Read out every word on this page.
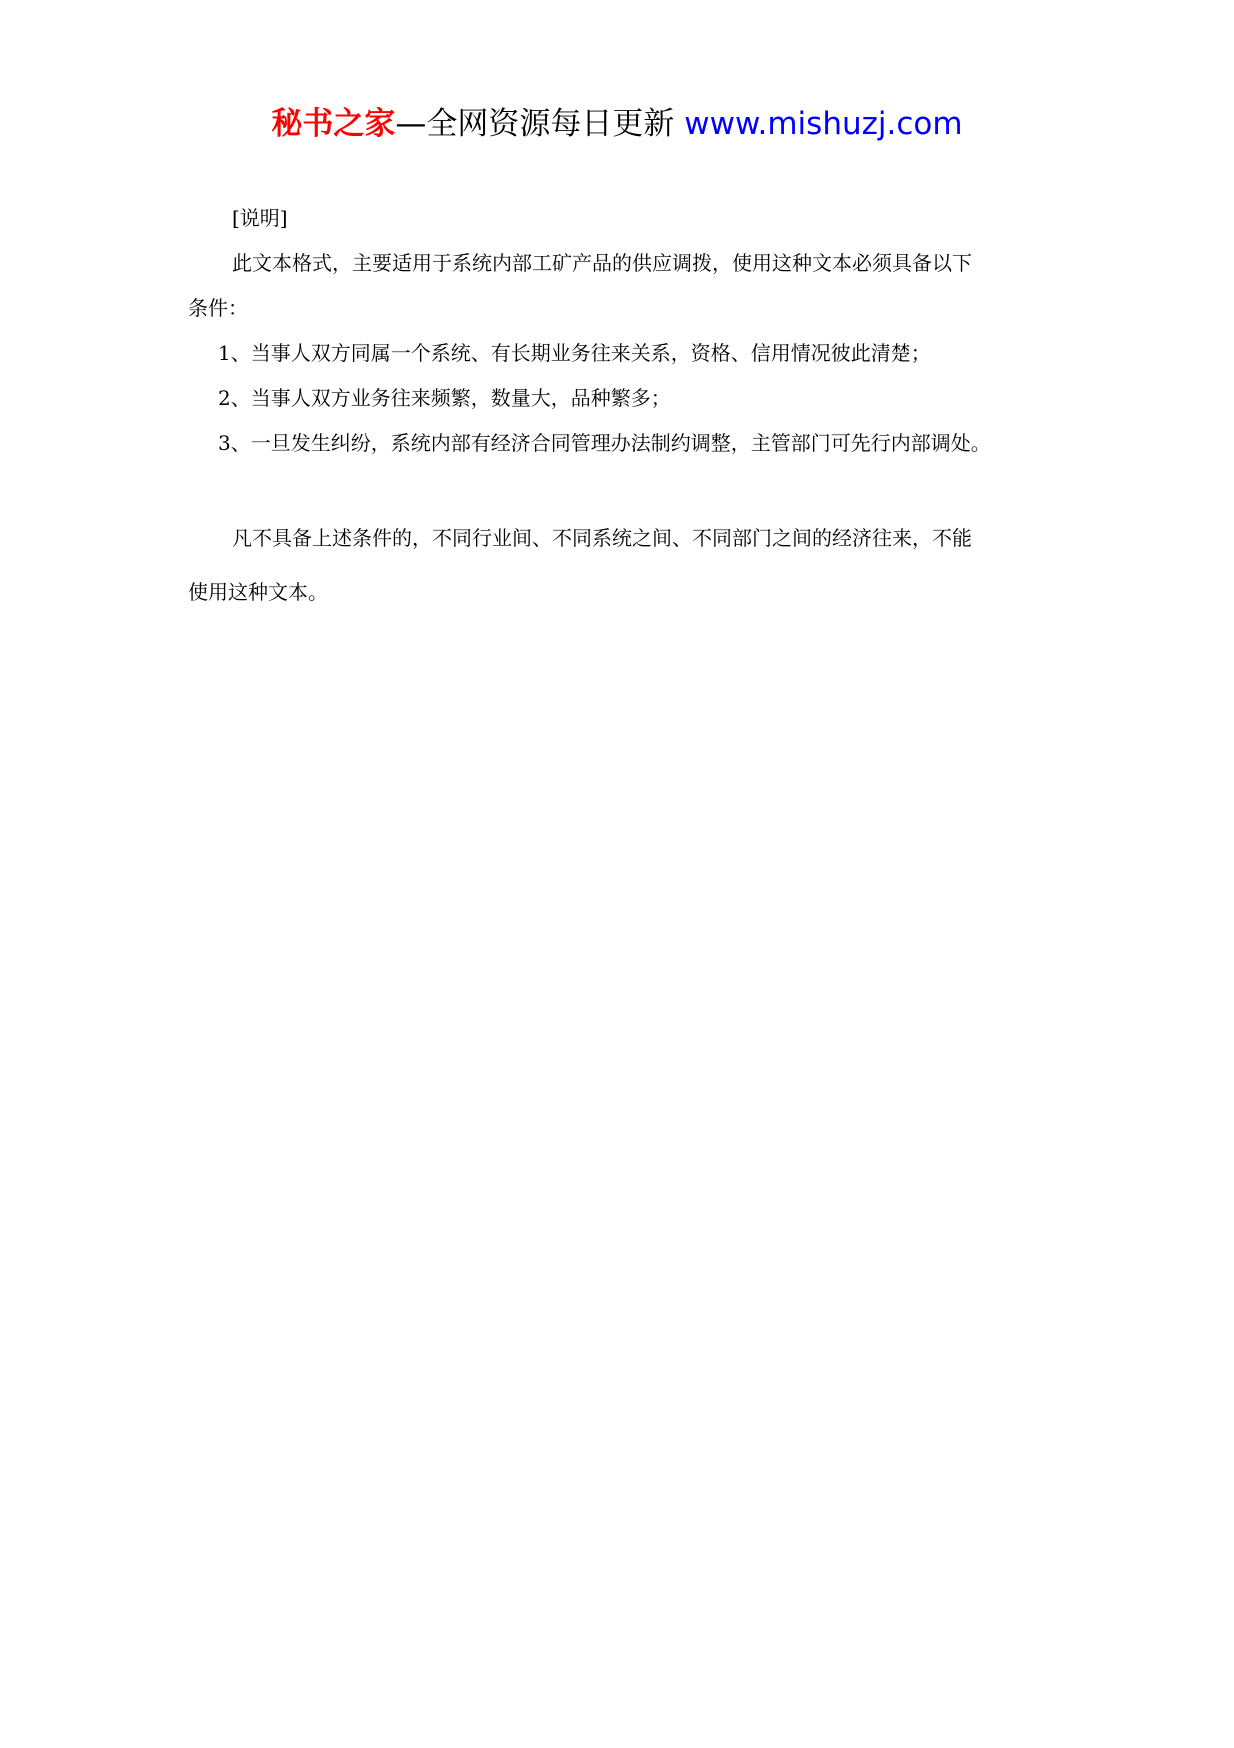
秘书之家—全网资源每日更新 www.mishuzj.com
[说明]
此文本格式，主要适用于系统内部工矿产品的供应调拨，使用这种文本必须具备以下
条件：
1、当事人双方同属一个系统、有长期业务往来关系，资格、信用情况彼此清楚；
2、当事人双方业务往来频繁，数量大，品种繁多；
3、一旦发生纠纷，系统内部有经济合同管理办法制约调整，主管部门可先行内部调处。
凡不具备上述条件的，不同行业间、不同系统之间、不同部门之间的经济往来，不能
使用这种文本。
